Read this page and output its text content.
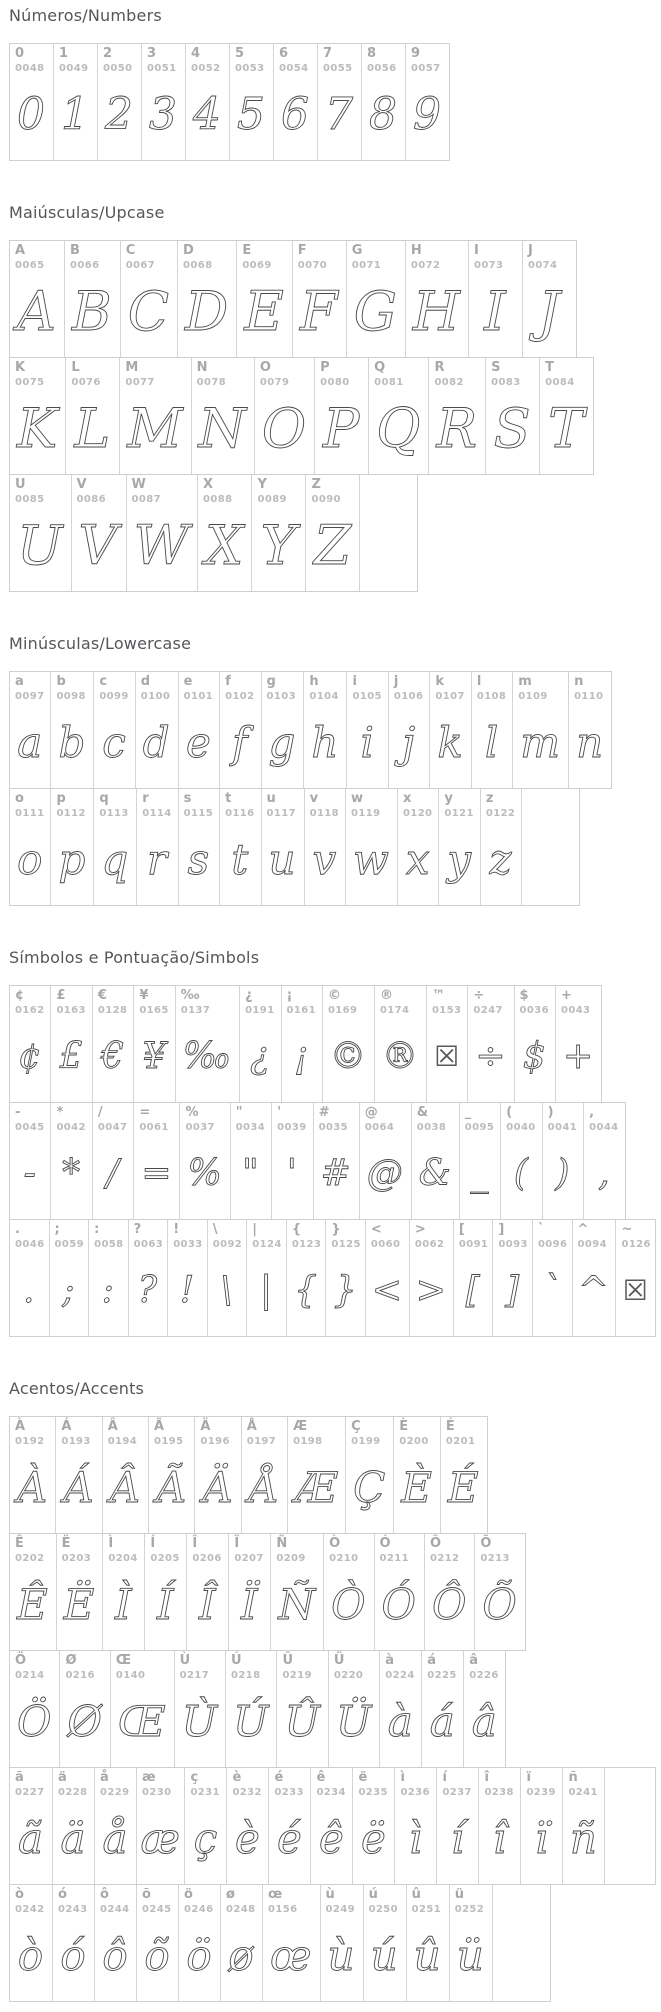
Números/Numbers
0
0048
0
1
0049
1
2
0050
2
3
0051
3
4
0052
4
5
0053
5
6
0054
6
7
0055
7
8
0056
8
9
0057
9
Maiúsculas/Upcase
A
0065
A
B
0066
B
C
0067
C
D
0068
D
E
0069
E
F
0070
F
G
0071
G
H
0072
H
I
0073
I
J
0074
J
K
0075
K
L
0076
L
M
0077
M
N
0078
N
O
0079
O
P
0080
P
Q
0081
Q
R
0082
R
S
0083
S
T
0084
T
U
0085
U
V
0086
V
W
0087
W
X
0088
X
Y
0089
Y
Z
0090
Z
Minúsculas/Lowercase
a
0097
a
b
0098
b
c
0099
c
d
0100
d
e
0101
e
f
0102
f
g
0103
g
h
0104
h
i
0105
i
j
0106
j
k
0107
k
l
0108
l
m
0109
m
n
0110
n
o
0111
o
p
0112
p
q
0113
q
r
0114
r
s
0115
s
t
0116
t
u
0117
u
v
0118
v
w
0119
w
x
0120
x
y
0121
y
z
0122
z
Símbolos e Pontuação/Simbols
¢
0162
¢
£
0163
£
€
0128
€
¥
0165
¥
‰
0137
‰
¿
0191
¿
¡
0161
¡
©
0169
©
®
0174
®
™
0153
☒
÷
0247
÷
$
0036
$
+
0043
+
-
0045
-
*
0042
*
/
0047
/
=
0061
=
%
0037
%
"
0034
"
'
0039
'
#
0035
#
@
0064
@
&
0038
&
_
0095
_
(
0040
(
)
0041
)
,
0044
,
.
0046
.
;
0059
;
:
0058
:
?
0063
?
!
0033
!
\
0092
\
|
0124
|
{
0123
{
}
0125
}
<
0060
<
>
0062
>
[
0091
[
]
0093
]
`
0096
`
^
0094
^
~
0126
☒
Acentos/Accents
À
0192
À
Á
0193
Á
Â
0194
Â
Ã
0195
Ã
Ä
0196
Ä
Å
0197
Å
Æ
0198
Æ
Ç
0199
Ç
È
0200
È
É
0201
É
Ê
0202
Ê
Ë
0203
Ë
Ì
0204
Ì
Í
0205
Í
Î
0206
Î
Ï
0207
Ï
Ñ
0209
Ñ
Ò
0210
Ò
Ó
0211
Ó
Ô
0212
Ô
Õ
0213
Õ
Ö
0214
Ö
Ø
0216
Ø
Œ
0140
Œ
Ù
0217
Ù
Ú
0218
Ú
Û
0219
Û
Ü
0220
Ü
à
0224
à
á
0225
á
â
0226
â
ã
0227
ã
ä
0228
ä
å
0229
å
æ
0230
æ
ç
0231
ç
è
0232
è
é
0233
é
ê
0234
ê
ë
0235
ë
ì
0236
ì
í
0237
í
î
0238
î
ï
0239
ï
ñ
0241
ñ
ò
0242
ò
ó
0243
ó
ô
0244
ô
õ
0245
õ
ö
0246
ö
ø
0248
ø
œ
0156
œ
ù
0249
ù
ú
0250
ú
û
0251
û
ü
0252
ü
